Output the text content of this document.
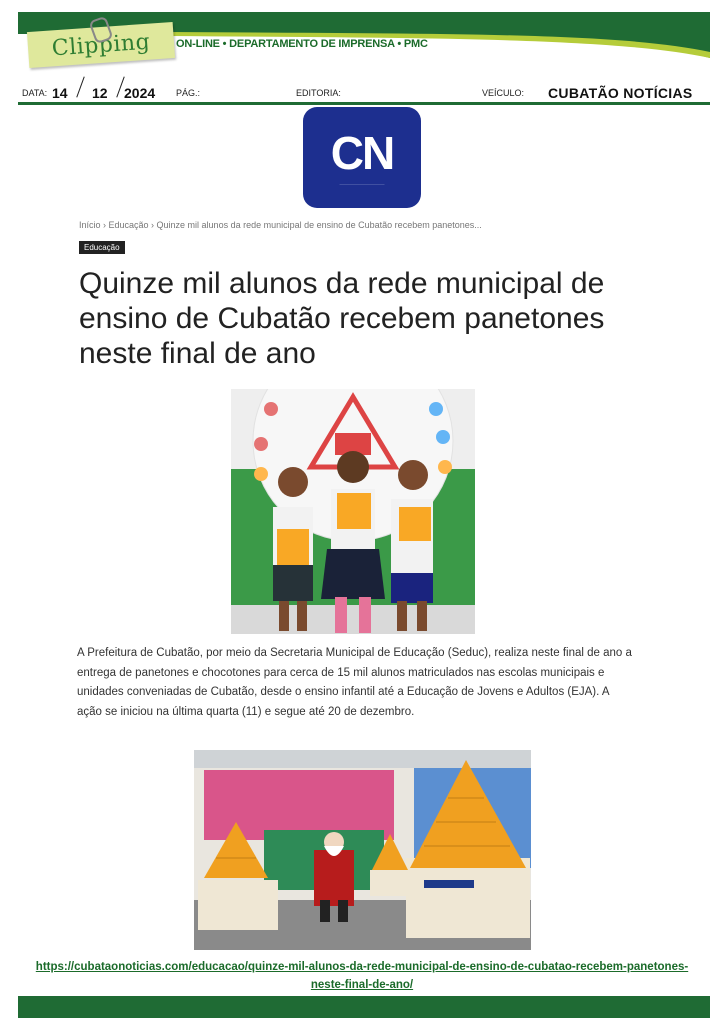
Clipping ON-LINE • DEPARTAMENTO DE IMPRENSA • PMC
DATA: 14 12 2024 PÁG.:	EDITORIA:	VEÍCULO: CUBATÃO NOTÍCIAS
CN
———————————————
Início › Educação › Quinze mil alunos da rede municipal de ensino de Cubatão recebem panetones...
Educação
Quinze mil alunos da rede municipal de ensino de Cubatão recebem panetones neste final de ano
A Prefeitura de Cubatão, por meio da Secretaria Municipal de Educação (Seduc), realiza neste final de ano a entrega de panetones e chocotones para cerca de 15 mil alunos matriculados nas escolas municipais e unidades conveniadas de Cubatão, desde o ensino infantil até a Educação de Jovens e Adultos (EJA). A ação se iniciou na última quarta (11) e segue até 20 de dezembro.
https://cubataonoticias.com/educacao/quinze-mil-alunos-da-rede-municipal-de-ensino-de-cubatao-recebem-panetones-neste-final-de-ano/
